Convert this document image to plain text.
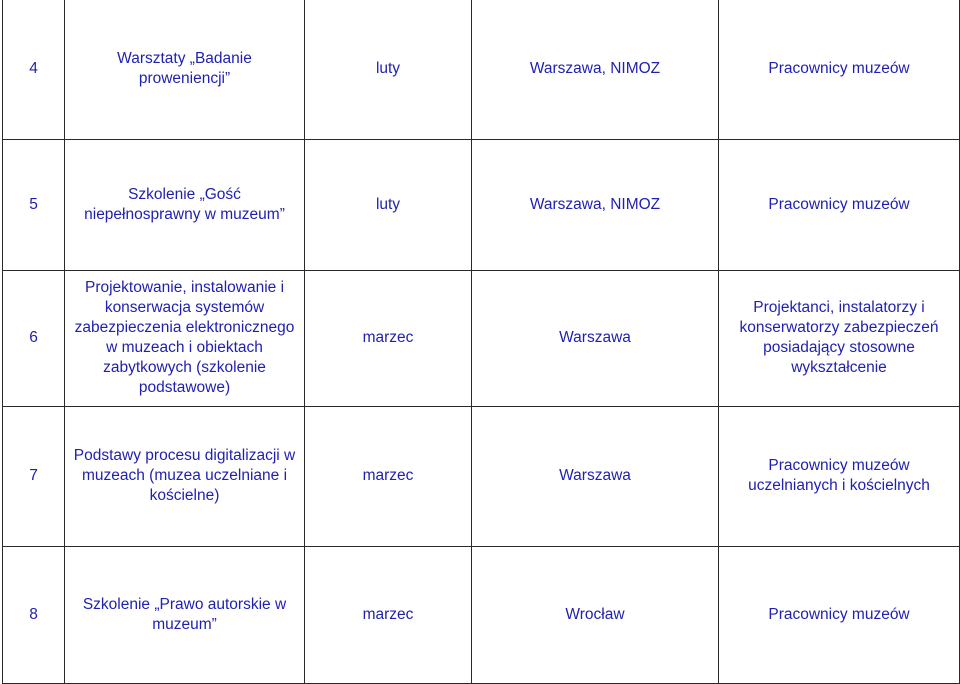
4	Warsztaty „Badanie proweniencji”	luty	Warszawa, NIMOZ	Pracownicy muzeów
5	Szkolenie „Gość niepełnosprawny w muzeum”	luty	Warszawa, NIMOZ	Pracownicy muzeów
6	Projektowanie, instalowanie i konserwacja systemów zabezpieczenia elektronicznego w muzeach i obiektach zabytkowych (szkolenie podstawowe)	marzec	Warszawa	Projektanci, instalatorzy i konserwatorzy zabezpieczeń posiadający stosowne wykształcenie
7	Podstawy procesu digitalizacji w muzeach (muzea uczelniane i kościelne)	marzec	Warszawa	Pracownicy muzeów uczelnianych i kościelnych
8	Szkolenie „Prawo autorskie w muzeum”	marzec	Wrocław	Pracownicy muzeów
